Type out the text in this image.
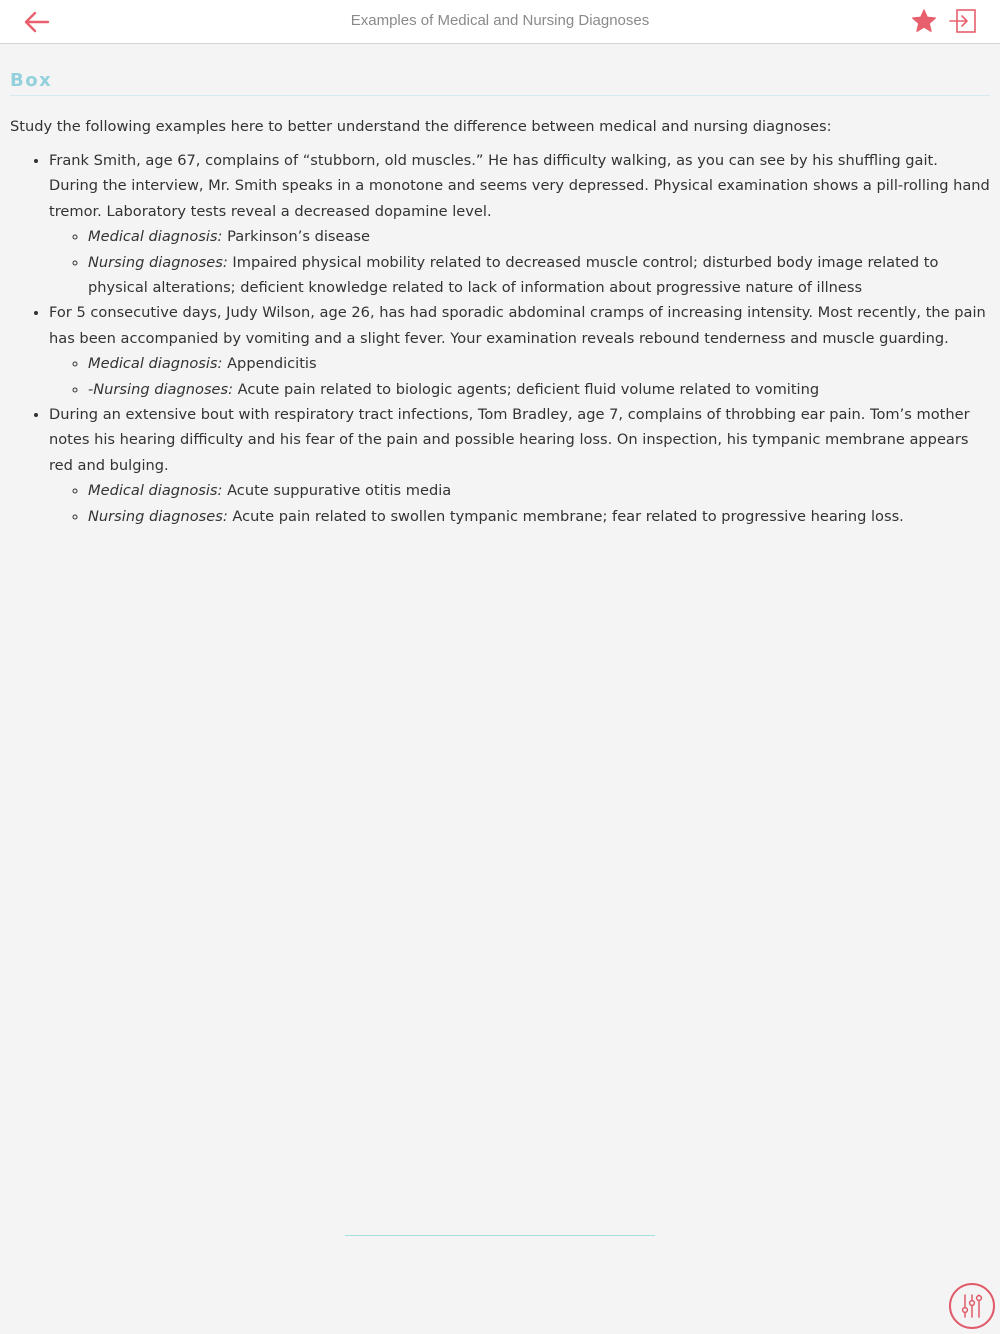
Examples of Medical and Nursing Diagnoses
Box

Study the following examples here to better understand the difference between medical and nursing diagnoses:

• Frank Smith, age 67, complains of “stubborn, old muscles.” He has difficulty walking, as you can see by his shuffling gait. During the interview, Mr. Smith speaks in a monotone and seems very depressed. Physical examination shows a pill-rolling hand tremor. Laboratory tests reveal a decreased dopamine level.
◦ Medical diagnosis: Parkinson’s disease
◦ Nursing diagnoses: Impaired physical mobility related to decreased muscle control; disturbed body image related to physical alterations; deficient knowledge related to lack of information about progressive nature of illness
• For 5 consecutive days, Judy Wilson, age 26, has had sporadic abdominal cramps of increasing intensity. Most recently, the pain has been accompanied by vomiting and a slight fever. Your examination reveals rebound tenderness and muscle guarding.
◦ Medical diagnosis: Appendicitis
◦ -Nursing diagnoses: Acute pain related to biologic agents; deficient fluid volume related to vomiting
• During an extensive bout with respiratory tract infections, Tom Bradley, age 7, complains of throbbing ear pain. Tom’s mother notes his hearing difficulty and his fear of the pain and possible hearing loss. On inspection, his tympanic membrane appears red and bulging.
◦ Medical diagnosis: Acute suppurative otitis media
◦ Nursing diagnoses: Acute pain related to swollen tympanic membrane; fear related to progressive hearing loss.
